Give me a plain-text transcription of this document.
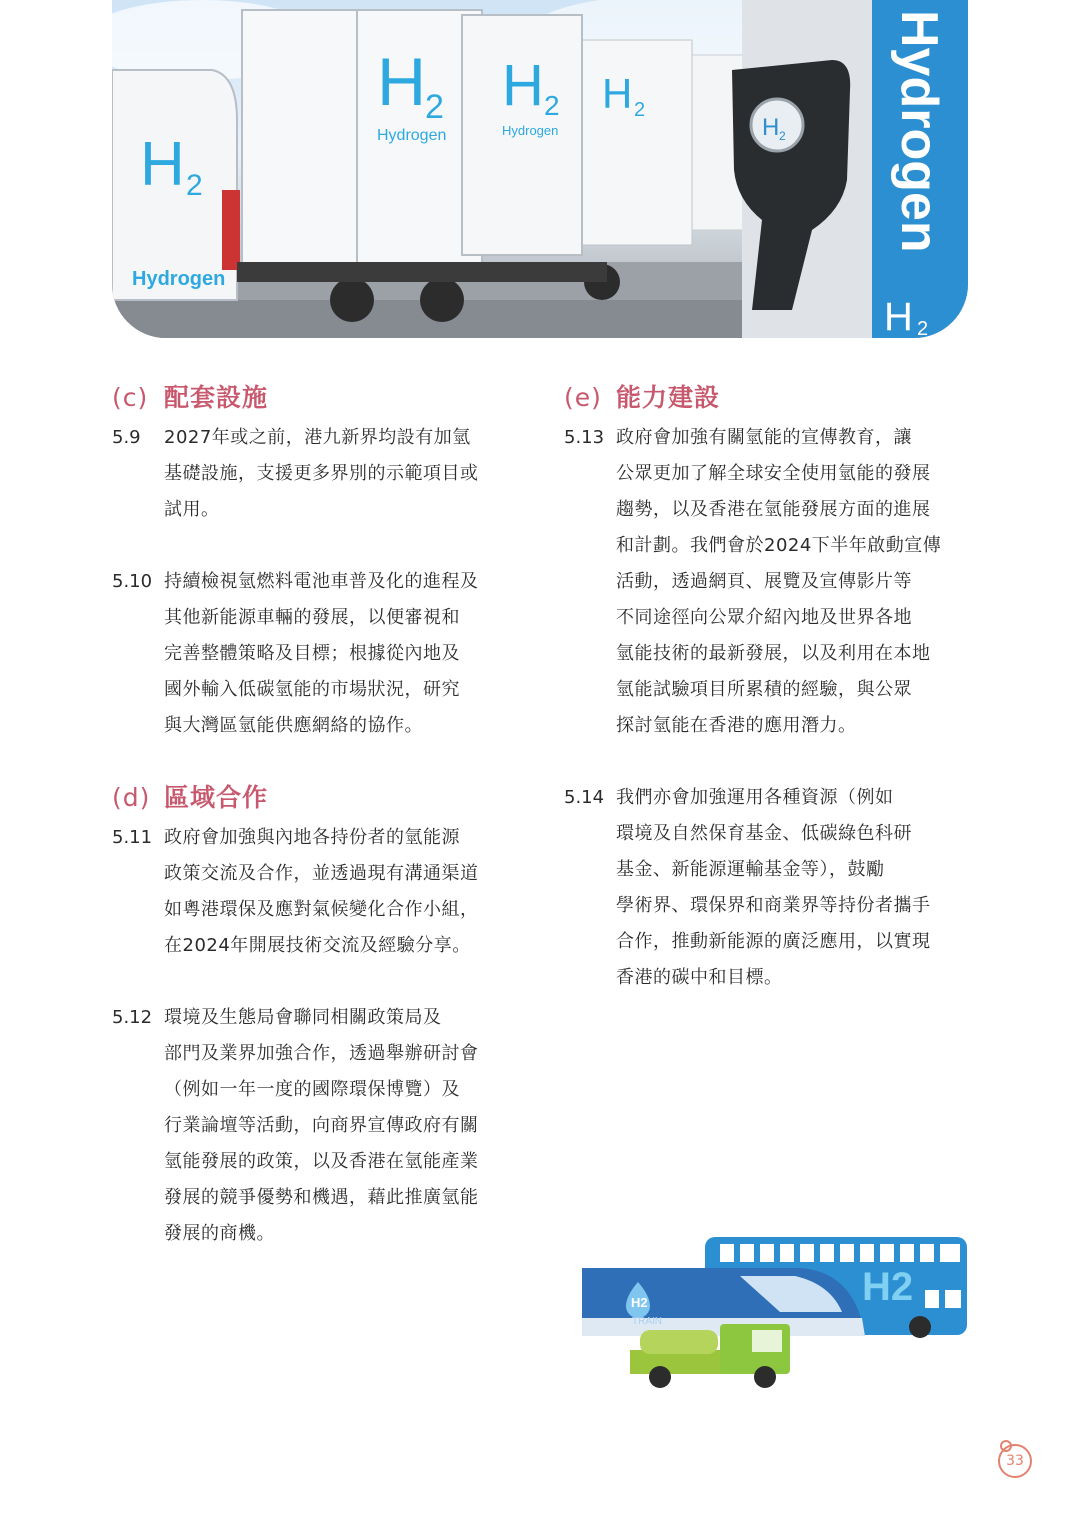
H
2
Hydrogen
H 2
Hydrogen
H 2
H 2
Hydrogen
Hydrogen
H 2
H 2
(c) 配套設施
5.9	2027年或之前，港九新界均設有加氫
基礎設施，支援更多界別的示範項目或
試用。
5.10 持續檢視氫燃料電池車普及化的進程及
其他新能源車輛的發展，以便審視和
完善整體策略及目標；根據從內地及
國外輸入低碳氫能的市場狀況，研究
與大灣區氫能供應網絡的協作。
(d) 區域合作
5.11 政府會加強與內地各持份者的氫能源
政策交流及合作，並透過現有溝通渠道
如粵港環保及應對氣候變化合作小組，
在2024年開展技術交流及經驗分享。
5.12 環境及生態局會聯同相關政策局及
部門及業界加強合作，透過舉辦研討會
（例如一年一度的國際環保博覽）及
行業論壇等活動，向商界宣傳政府有關
氫能發展的政策，以及香港在氫能產業
發展的競爭優勢和機遇，藉此推廣氫能
發展的商機。
(e) 能力建設
5.13 政府會加強有關氫能的宣傳教育，讓
公眾更加了解全球安全使用氫能的發展
趨勢，以及香港在氫能發展方面的進展
和計劃。我們會於2024下半年啟動宣傳
活動，透過網頁、展覽及宣傳影片等
不同途徑向公眾介紹內地及世界各地
氫能技術的最新發展，以及利用在本地
氫能試驗項目所累積的經驗，與公眾
探討氫能在香港的應用潛力。
5.14 我們亦會加強運用各種資源（例如
環境及自然保育基金、低碳綠色科研
基金、新能源運輸基金等），鼓勵
學術界、環保界和商業界等持份者攜手
合作，推動新能源的廣泛應用，以實現
香港的碳中和目標。
H2
H2
TRAIN
33
